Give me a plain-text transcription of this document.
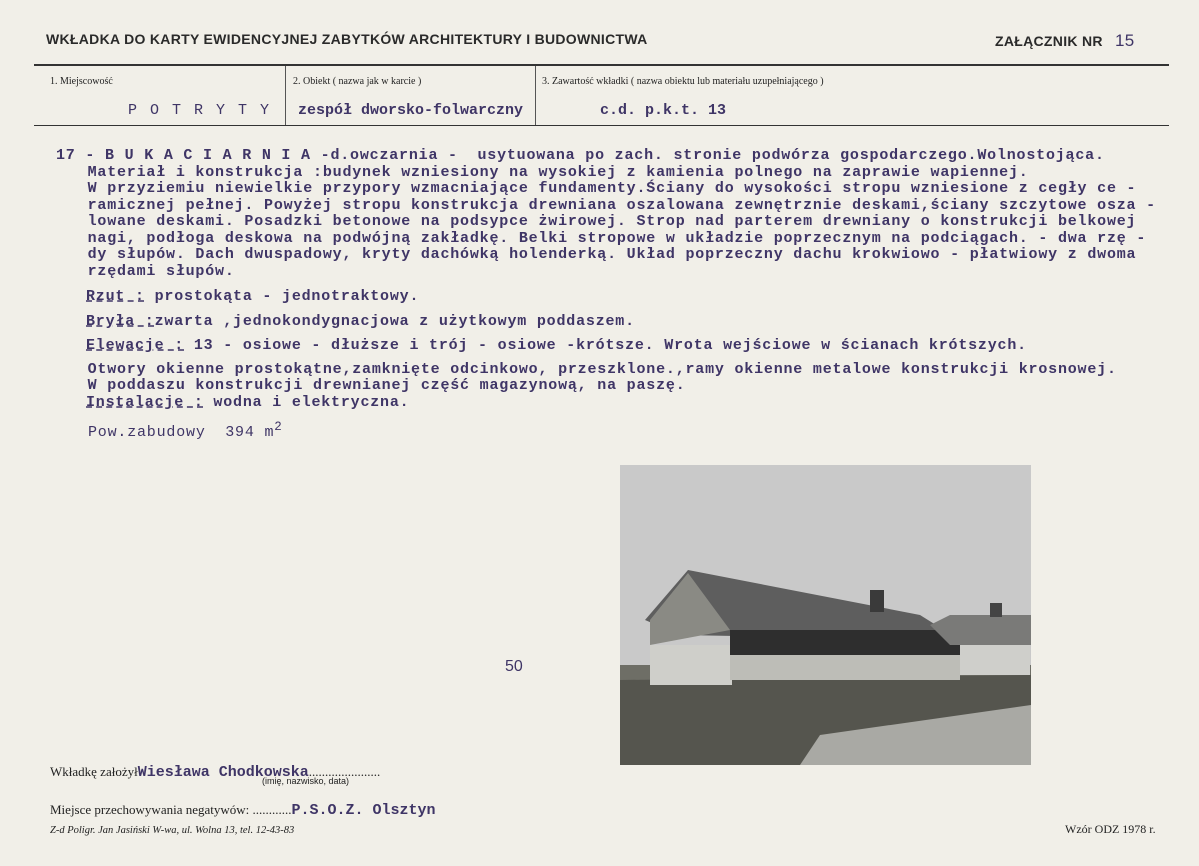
WKŁADKA DO KARTY EWIDENCYJNEJ ZABYTKÓW ARCHITEKTURY I BUDOWNICTWA	ZAŁĄCZNIK NR 15
1. Miejscowość	2. Obiekt ( nazwa jak w karcie )	3. Zawartość wkładki ( nazwa obiektu lub materiału uzupełniającego )
P O T R Y T Y zespół dworsko-folwarczny	c.d. p.k.t. 13
17 - B U K A C I A R N I A -d.owczarnia -  usytuowana po zach. stronie podwórza gospodarczego.Wolnostojąca.
Materiał i konstrukcja :budynek wzniesiony na wysokiej z kamienia polnego na zaprawie wapiennej.
W przyziemiu niewielkie przypory wzmacniające fundamenty.Ściany do wysokości stropu wzniesione z cegły ce -
ramicznej pełnej. Powyżej stropu konstrukcja drewniana oszalowana zewnętrznie deskami,ściany szczytowe osza -
lowane deskami. Posadzki betonowe na podsypce żwirowej. Strop nad parterem drewniany o konstrukcji belkowej
nagi, podłoga deskowa na podwójną zakładkę. Belki stropowe w układzie poprzecznym na podciągach. - dwa rzę -
dy słupów. Dach dwuspadowy, kryty dachówką holenderką. Układ poprzeczny dachu krokwiowo - płatwiowy z dwoma
rzędami słupów.
Rzut : prostokąta - jednotraktowy.
Bryła :zwarta ,jednokondygnacjowa z użytkowym poddaszem.
Elewacje : 13 - osiowe - dłuższe i trój - osiowe -krótsze. Wrota wejściowe w ścianach krótszych.
Otwory okienne prostokątne,zamknięte odcinkowo, przeszklone.,ramy okienne metalowe konstrukcji krosnowej.
W poddaszu konstrukcji drewnianej część magazynową, na paszę.
Instalacje : wodna i elektryczna.
Pow.zabudowy 394 $m^2$
50
Wkładkę założyłWiesława Chodkowska......................
(imię, nazwisko, data)
Miejsce przechowywania negatywów: ............P.S.O.Z. Olsztyn
Z-d Poligr. Jan Jasiński W-wa, ul. Wolna 13, tel. 12-43-83	Wzór ODZ 1978 r.
